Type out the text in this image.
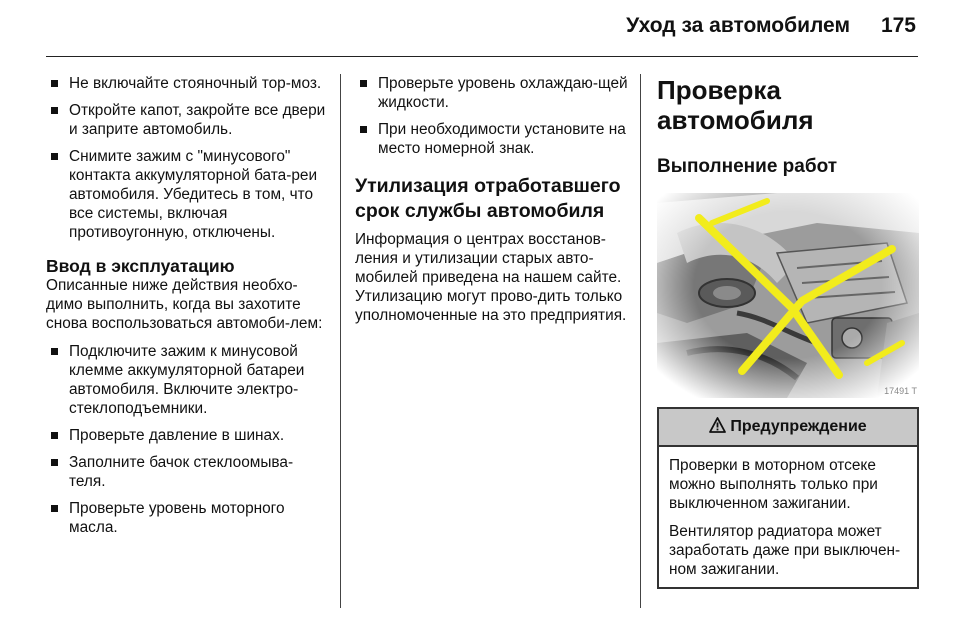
Уход за автомобилем 175
Не включайте стояночный тор-моз.
Откройте капот, закройте все двери и заприте автомобиль.
Снимите зажим с "минусового" контакта аккумуляторной бата-реи автомобиля. Убедитесь в том, что все системы, включая противоугонную, отключены.
Ввод в эксплуатацию
Описанные ниже действия необхо-димо выполнить, когда вы захотите снова воспользоваться автомоби-лем:
Подключите зажим к минусовой клемме аккумуляторной батареи автомобиля. Включите электро-стеклоподъемники.
Проверьте давление в шинах.
Заполните бачок стеклоомыва-теля.
Проверьте уровень моторного масла.
Проверьте уровень охлаждаю-щей жидкости.
При необходимости установите на место номерной знак.
Утилизация отработавшего срок службы автомобиля
Информация о центрах восстанов-ления и утилизации старых авто-мобилей приведена на нашем сайте. Утилизацию могут прово-дить только уполномоченные на это предприятия.
Проверка автомобиля
Выполнение работ
17491 T
Предупреждение
Проверки в моторном отсеке можно выполнять только при выключенном зажигании.
Вентилятор радиатора может заработать даже при выключен-ном зажигании.
